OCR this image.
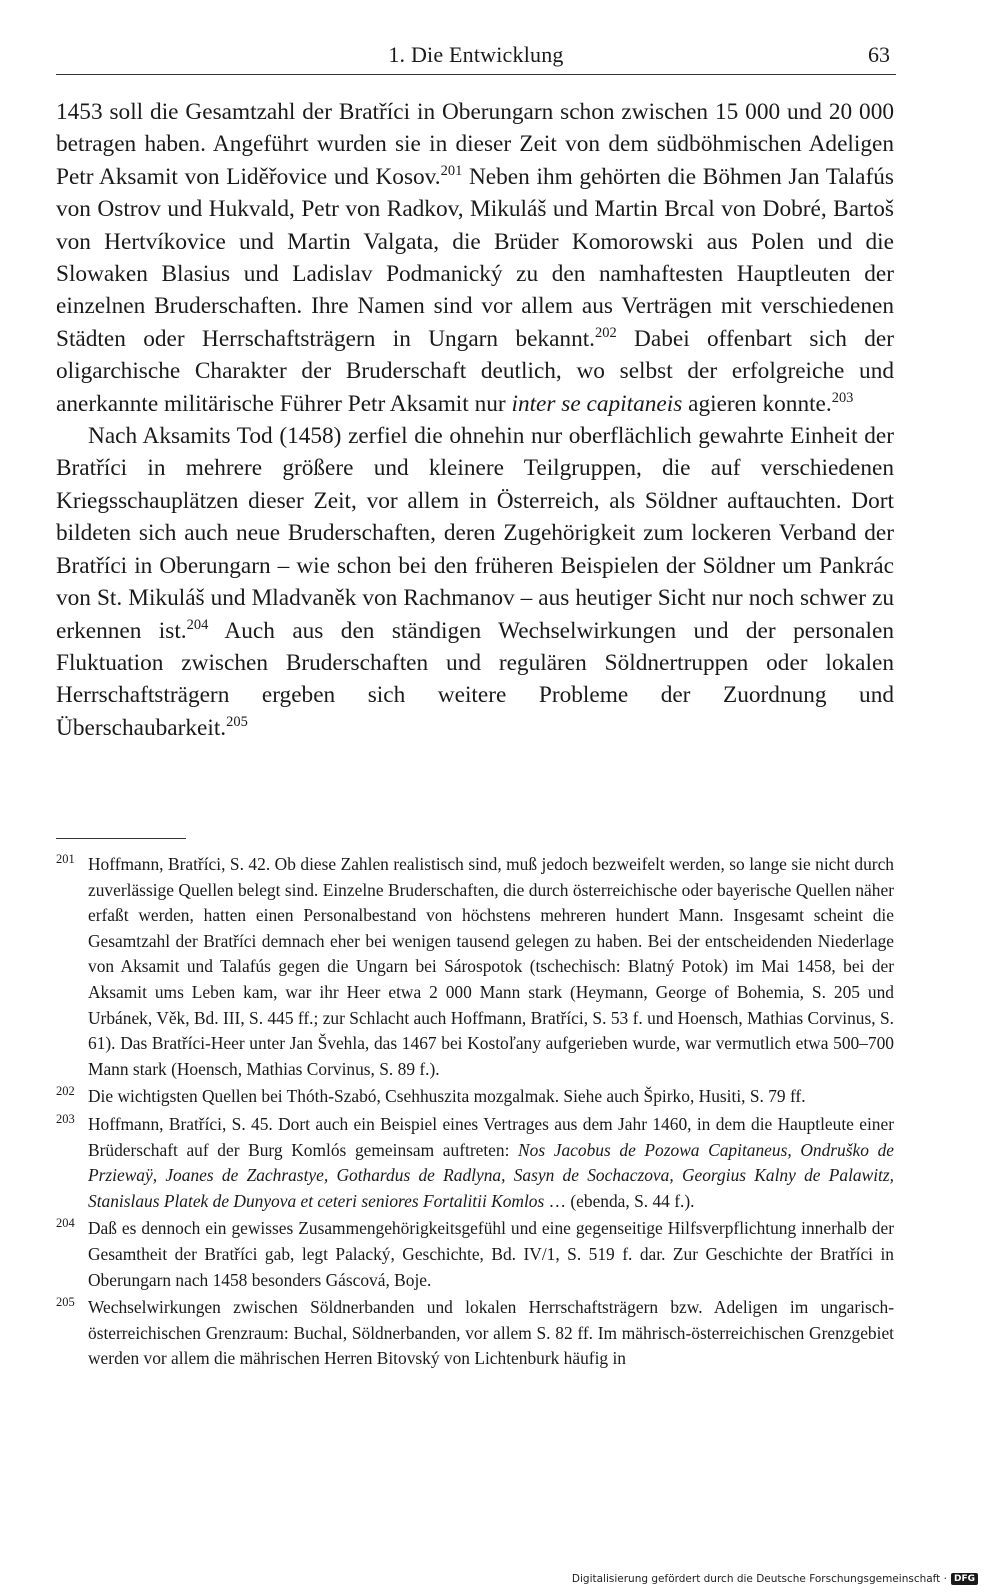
1. Die Entwicklung	63

1453 soll die Gesamtzahl der Bratříci in Oberungarn schon zwischen 15 000 und 20 000 betragen haben. Angeführt wurden sie in dieser Zeit von dem südböhmischen Adeligen Petr Aksamit von Liděřovice und Kosov.$^{201}$ Neben ihm gehörten die Böhmen Jan Talafús von Ostrov und Hukvald, Petr von Radkov, Mikuláš und Martin Brcal von Dobré, Bartoš von Hertvíkovice und Martin Valgata, die Brüder Komorowski aus Polen und die Slowaken Blasius und Ladislav Podmanický zu den namhaftesten Hauptleuten der einzelnen Bruderschaften. Ihre Namen sind vor allem aus Verträgen mit verschiedenen Städten oder Herrschaftsträgern in Ungarn bekannt.$^{202}$ Dabei offenbart sich der oligarchische Charakter der Bruderschaft deutlich, wo selbst der erfolgreiche und anerkannte militärische Führer Petr Aksamit nur inter se capitaneis agieren konnte.$^{203}$

Nach Aksamits Tod (1458) zerfiel die ohnehin nur oberflächlich gewahrte Einheit der Bratříci in mehrere größere und kleinere Teilgruppen, die auf verschiedenen Kriegsschauplätzen dieser Zeit, vor allem in Österreich, als Söldner auftauchten. Dort bildeten sich auch neue Bruderschaften, deren Zugehörigkeit zum lockeren Verband der Bratříci in Oberungarn – wie schon bei den früheren Beispielen der Söldner um Pankrác von St. Mikuláš und Mladvaněk von Rachmanov – aus heutiger Sicht nur noch schwer zu erkennen ist.$^{204}$ Auch aus den ständigen Wechselwirkungen und der personalen Fluktuation zwischen Bruderschaften und regulären Söldnertruppen oder lokalen Herrschaftsträgern ergeben sich weitere Probleme der Zuordnung und Überschaubarkeit.$^{205}$

201 Hoffmann, Bratříci, S. 42. Ob diese Zahlen realistisch sind, muß jedoch bezweifelt werden, so lange sie nicht durch zuverlässige Quellen belegt sind. Einzelne Bruderschaften, die durch österreichische oder bayerische Quellen näher erfaßt werden, hatten einen Personalbestand von höchstens mehreren hundert Mann. Insgesamt scheint die Gesamtzahl der Bratříci demnach eher bei wenigen tausend gelegen zu haben. Bei der entscheidenden Niederlage von Aksamit und Talafús gegen die Ungarn bei Sárospotok (tschechisch: Blatný Potok) im Mai 1458, bei der Aksamit ums Leben kam, war ihr Heer etwa 2 000 Mann stark (Heymann, George of Bohemia, S. 205 und Urbánek, Věk, Bd. III, S. 445 ff.; zur Schlacht auch Hoffmann, Bratříci, S. 53 f. und Hoensch, Mathias Corvinus, S. 61). Das Bratříci-Heer unter Jan Švehla, das 1467 bei Kostoľany aufgerieben wurde, war vermutlich etwa 500–700 Mann stark (Hoensch, Mathias Corvinus, S. 89 f.).
202 Die wichtigsten Quellen bei Thóth-Szabó, Csehhuszita mozgalmak. Siehe auch Špirko, Husiti, S. 79 ff.
203 Hoffmann, Bratříci, S. 45. Dort auch ein Beispiel eines Vertrages aus dem Jahr 1460, in dem die Hauptleute einer Brüderschaft auf der Burg Komlós gemeinsam auftreten: Nos Jacobus de Pozowa Capitaneus, Ondruško de Prziewaÿ, Joanes de Zachrastye, Gothardus de Radlyna, Sasyn de Sochaczova, Georgius Kalny de Palawitz, Stanislaus Platek de Dunyova et ceteri seniores Fortalitii Komlos … (ebenda, S. 44 f.).
204 Daß es dennoch ein gewisses Zusammengehörigkeitsgefühl und eine gegenseitige Hilfsverpflichtung innerhalb der Gesamtheit der Bratříci gab, legt Palacký, Geschichte, Bd. IV/1, S. 519 f. dar. Zur Geschichte der Bratříci in Oberungarn nach 1458 besonders Gáscová, Boje.
205 Wechselwirkungen zwischen Söldnerbanden und lokalen Herrschaftsträgern bzw. Adeligen im ungarisch-österreichischen Grenzraum: Buchal, Söldnerbanden, vor allem S. 82 ff. Im mährisch-österreichischen Grenzgebiet werden vor allem die mährischen Herren Bitovský von Lichtenburk häufig in
Digitalisierung gefördert durch die Deutsche Forschungsgemeinschaft · DFG
